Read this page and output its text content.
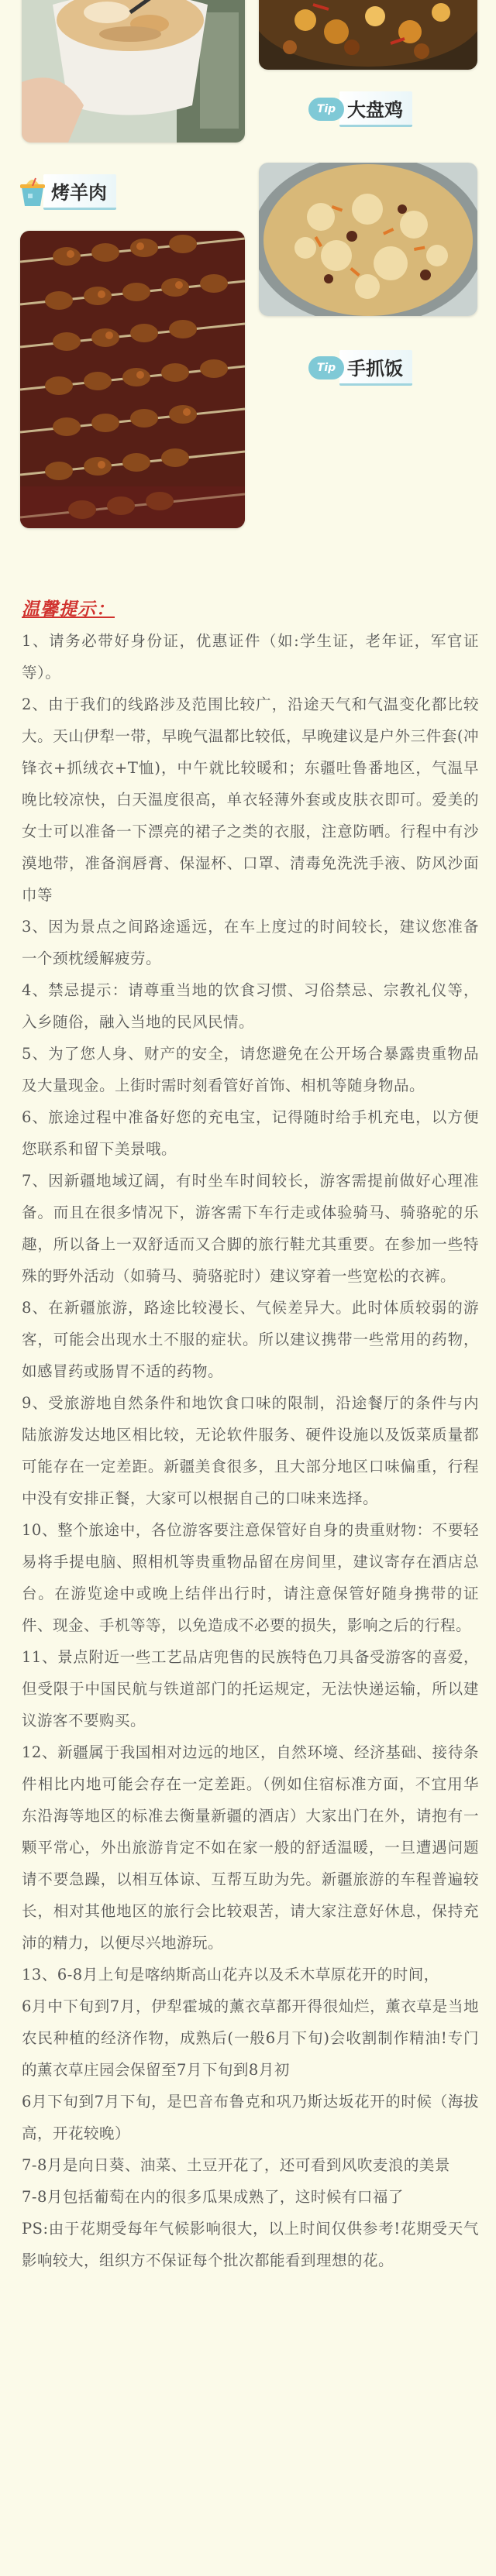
Tip 大盘鸡
烤羊肉
Tip 手抓饭
温馨提示：

1、请务必带好身份证，优惠证件（如:学生证，老年证，军官证等）。

2、由于我们的线路涉及范围比较广，沿途天气和气温变化都比较大。天山伊犁一带，早晚气温都比较低，早晚建议是户外三件套(冲锋衣+抓绒衣+T恤)，中午就比较暖和；东疆吐鲁番地区，气温早晚比较凉快，白天温度很高，单衣轻薄外套或皮肤衣即可。爱美的女士可以准备一下漂亮的裙子之类的衣服，注意防晒。行程中有沙漠地带，准备润唇膏、保湿杯、口罩、清毒免洗洗手液、防风沙面巾等

3、因为景点之间路途遥远，在车上度过的时间较长，建议您准备一个颈枕缓解疲劳。

4、禁忌提示：请尊重当地的饮食习惯、习俗禁忌、宗教礼仪等，入乡随俗，融入当地的民风民情。

5、为了您人身、财产的安全，请您避免在公开场合暴露贵重物品及大量现金。上街时需时刻看管好首饰、相机等随身物品。

6、旅途过程中准备好您的充电宝，记得随时给手机充电，以方便您联系和留下美景哦。

7、因新疆地域辽阔，有时坐车时间较长，游客需提前做好心理准备。而且在很多情况下，游客需下车行走或体验骑马、骑骆驼的乐趣，所以备上一双舒适而又合脚的旅行鞋尤其重要。在参加一些特殊的野外活动（如骑马、骑骆驼时）建议穿着一些宽松的衣裤。

8、在新疆旅游，路途比较漫长、气候差异大。此时体质较弱的游客，可能会出现水土不服的症状。所以建议携带一些常用的药物，如感冒药或肠胃不适的药物。

9、受旅游地自然条件和地饮食口味的限制，沿途餐厅的条件与内陆旅游发达地区相比较，无论软件服务、硬件设施以及饭菜质量都可能存在一定差距。新疆美食很多，且大部分地区口味偏重，行程中没有安排正餐，大家可以根据自己的口味来选择。

10、整个旅途中，各位游客要注意保管好自身的贵重财物：不要轻易将手提电脑、照相机等贵重物品留在房间里，建议寄存在酒店总台。在游览途中或晚上结伴出行时，请注意保管好随身携带的证件、现金、手机等等，以免造成不必要的损失，影响之后的行程。

11、景点附近一些工艺品店兜售的民族特色刀具备受游客的喜爱，但受限于中国民航与铁道部门的托运规定，无法快递运输，所以建议游客不要购买。

12、新疆属于我国相对边远的地区，自然环境、经济基础、接待条件相比内地可能会存在一定差距。（例如住宿标准方面，不宜用华东沿海等地区的标准去衡量新疆的酒店）大家出门在外，请抱有一颗平常心，外出旅游肯定不如在家一般的舒适温暖，一旦遭遇问题请不要急躁，以相互体谅、互帮互助为先。新疆旅游的车程普遍较长，相对其他地区的旅行会比较艰苦，请大家注意好休息，保持充沛的精力，以便尽兴地游玩。

13、6-8月上旬是喀纳斯高山花卉以及禾木草原花开的时间，

6月中下旬到7月，伊犁霍城的薰衣草都开得很灿烂，薰衣草是当地农民种植的经济作物，成熟后(一般6月下旬)会收割制作精油!专门的薰衣草庄园会保留至7月下旬到8月初

6月下旬到7月下旬，是巴音布鲁克和巩乃斯达坂花开的时候（海拔高，开花较晚）

7-8月是向日葵、油菜、土豆开花了，还可看到风吹麦浪的美景

7-8月包括葡萄在内的很多瓜果成熟了，这时候有口福了

PS:由于花期受每年气候影响很大，以上时间仅供参考!花期受天气影响较大，组织方不保证每个批次都能看到理想的花。
